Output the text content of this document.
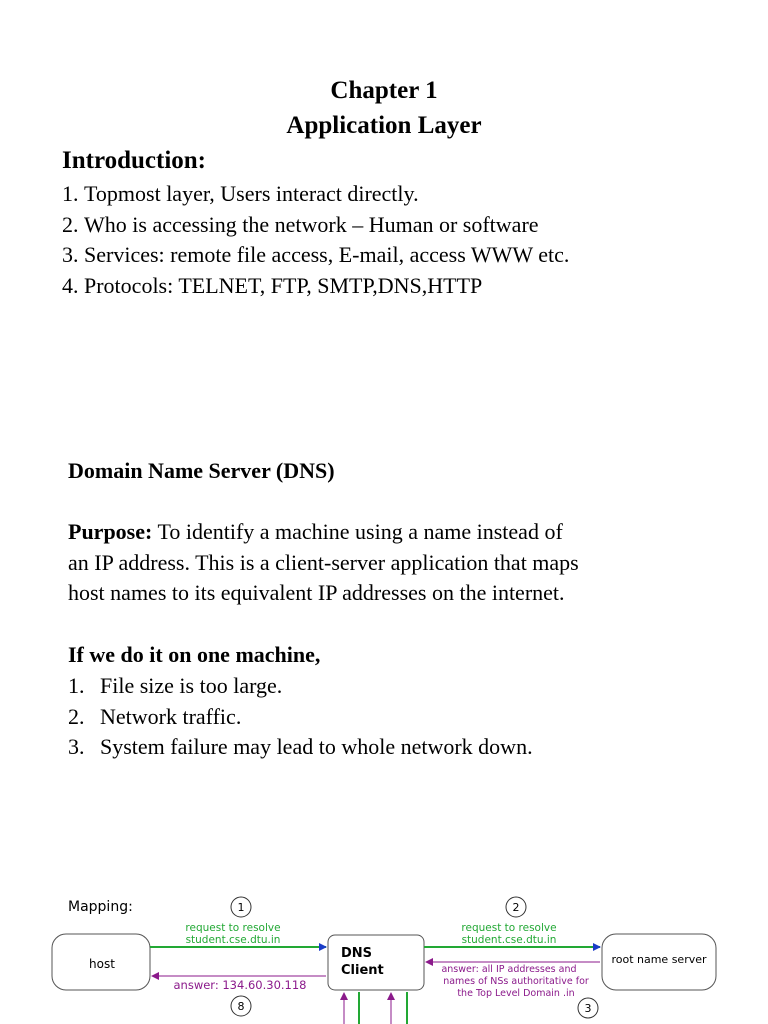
Chapter 1
Application Layer
Introduction:
1. Topmost layer, Users interact directly.
2. Who is accessing the network – Human or software
3. Services: remote file access, E-mail, access WWW etc.
4. Protocols: TELNET, FTP, SMTP,DNS,HTTP
Domain Name Server (DNS)
Purpose: To identify a machine using a name instead of
an IP address. This is a client-server application that maps
host names to its equivalent IP addresses on the internet.
If we do it on one machine,
1. File size is too large.
2. Network traffic.
3. System failure may lead to whole network down.
Mapping:
host
DNS
Client
root name server
1	2
8	3
request to resolve
student.cse.dtu.in
answer: 134.60.30.118
request to resolve
student.cse.dtu.in
answer: all IP addresses and
names of NSs authoritative for
the Top Level Domain .in
